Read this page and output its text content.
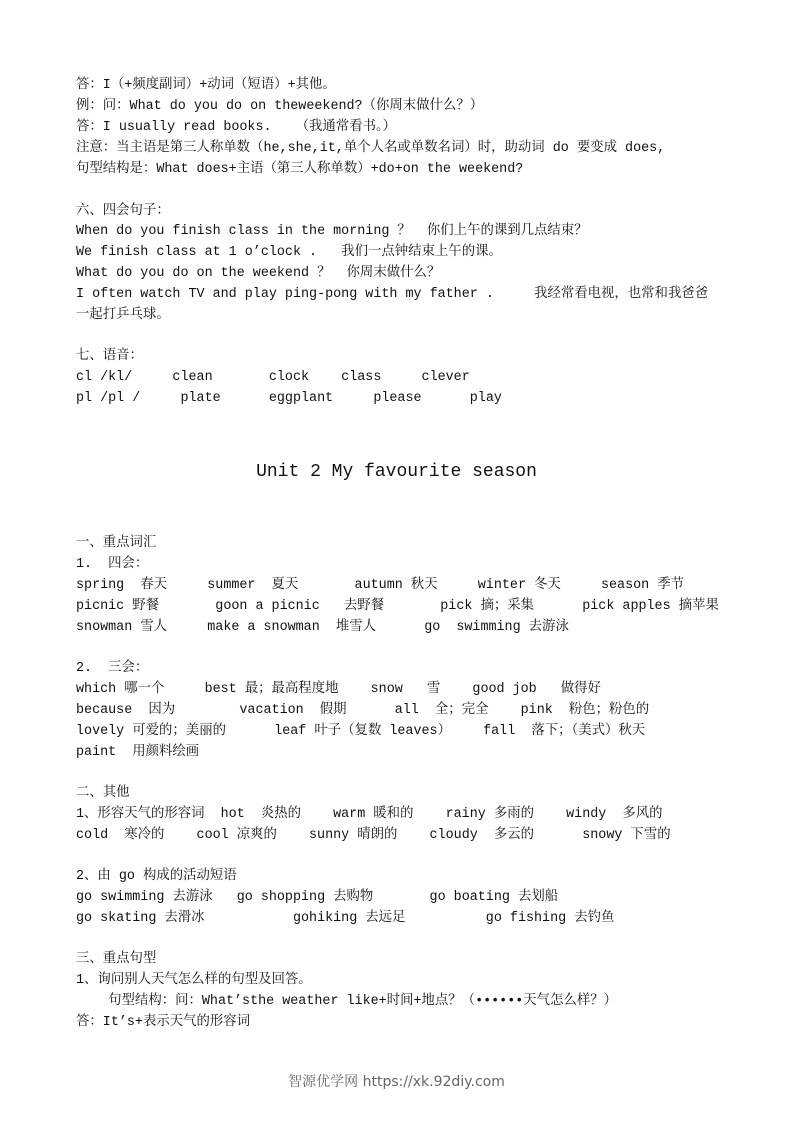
答：I（+频度副词）+动词（短语）+其他。
例：问：What do you do on theweekend?（你周末做什么？）
答：I usually read books.   （我通常看书。）
注意：当主语是第三人称单数（he,she,it,单个人名或单数名词）时，助动词 do 要变成 does,
句型结构是：What does+主语（第三人称单数）+do+on the weekend?
六、四会句子：
When do you finish class in the morning ？  你们上午的课到几点结束？
We finish class at 1 o’clock .   我们一点钟结束上午的课。
What do you do on the weekend ？  你周末做什么？
I often watch TV and play ping-pong with my father .     我经常看电视，也常和我爸爸
一起打乒乓球。
七、语音：
cl /kl/     clean       clock    class     clever
pl /pl /     plate      eggplant     please      play
Unit 2 My favourite season
一、重点词汇
1.  四会：
spring  春天     summer  夏天       autumn 秋天     winter 冬天     season 季节
picnic 野餐       goon a picnic   去野餐       pick 摘；采集      pick apples 摘苹果
snowman 雪人     make a snowman  堆雪人      go  swimming 去游泳
2.  三会：
which 哪一个     best 最；最高程度地    snow   雪    good job   做得好
because  因为        vacation  假期      all  全；完全    pink  粉色；粉色的
lovely 可爱的；美丽的      leaf 叶子（复数 leaves）    fall  落下；（美式）秋天
paint  用颜料绘画
二、其他
1、形容天气的形容词  hot  炎热的    warm 暖和的    rainy 多雨的    windy  多风的
cold  寒冷的    cool 凉爽的    sunny 晴朗的    cloudy  多云的      snowy 下雪的
2、由 go 构成的活动短语
go swimming 去游泳   go shopping 去购物       go boating 去划船
go skating 去滑冰           gohiking 去远足          go fishing 去钓鱼
三、重点句型
1、询问别人天气怎么样的句型及回答。
句型结构：问：What’sthe weather like+时间+地点？（••••••天气怎么样？）
答：It’s+表示天气的形容词
智源优学网 https://xk.92diy.com
